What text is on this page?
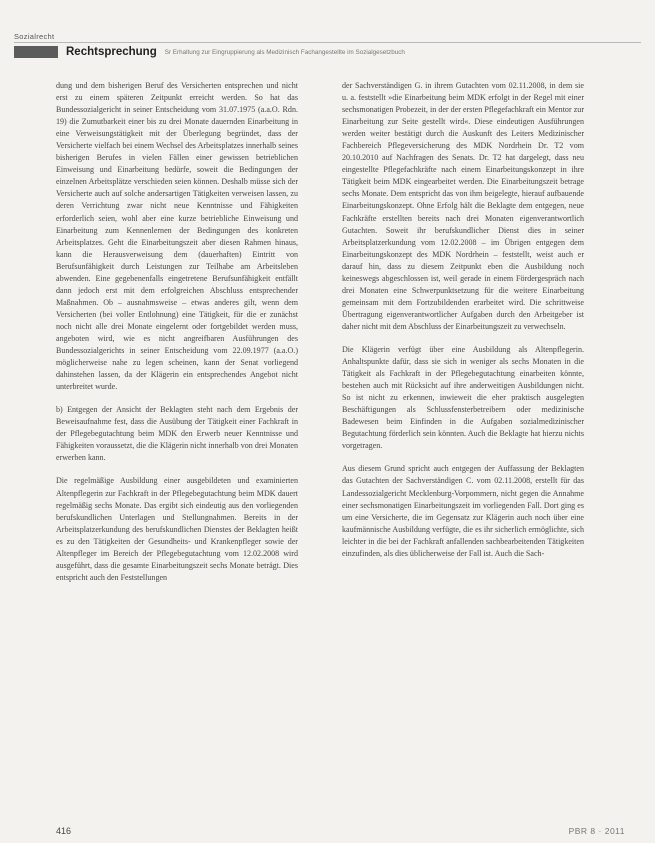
Sozialrecht
Rechtsprechung Sr Erhaltung zur Eingruppierung als Medizinisch Fachangestellte im Sozialgesetzbuch

dung und dem bisherigen Beruf des Versicherten entsprechen und nicht erst zu einem späteren Zeitpunkt erreicht werden. So hat das Bundessozialgericht in seiner Entscheidung vom 31.07.1975 (a.a.O. Rdn. 19) die Zumutbarkeit einer bis zu drei Monate dauernden Einarbeitung in eine Verweisungstätigkeit mit der Überlegung begründet, dass der Versicherte vielfach bei einem Wechsel des Arbeitsplatzes innerhalb seines bisherigen Berufes in vielen Fällen einer gewissen betrieblichen Einweisung und Einarbeitung bedürfe, soweit die Bedingungen der einzelnen Arbeitsplätze verschieden seien können. Deshalb müsse sich der Versicherte auch auf solche andersartigen Tätigkeiten verweisen lassen, zu deren Verrichtung zwar nicht neue Kenntnisse und Fähigkeiten erforderlich seien, wohl aber eine kurze betriebliche Einweisung und Einarbeitung zum Kennenlernen der Bedingungen des konkreten Arbeitsplatzes. Geht die Einarbeitungszeit aber diesen Rahmen hinaus, kann die Herausverweisung dem (dauerhaften) Eintritt von Berufsunfähigkeit durch Leistungen zur Teilhabe am Arbeitsleben abwenden. Eine gegebenenfalls eingetretene Berufsunfähigkeit entfällt dann jedoch erst mit dem erfolgreichen Abschluss entsprechender Maßnahmen. Ob – ausnahmsweise – etwas anderes gilt, wenn dem Versicherten (bei voller Entlohnung) eine Tätigkeit, für die er zunächst noch nicht alle drei Monate eingelernt oder fortgebildet werden muss, angeboten wird, wie es nicht angreifbaren Ausführungen des Bundessozialgerichts in seiner Entscheidung vom 22.09.1977 (a.a.O.) möglicherweise nahe zu legen scheinen, kann der Senat vorliegend dahinstehen lassen, da der Klägerin ein entsprechendes Angebot nicht unterbreitet wurde.

b) Entgegen der Ansicht der Beklagten steht nach dem Ergebnis der Beweisaufnahme fest, dass die Ausübung der Tätigkeit einer Fachkraft in der Pflegebegutachtung beim MDK den Erwerb neuer Kenntnisse und Fähigkeiten voraussetzt, die die Klägerin nicht innerhalb von drei Monaten erwerben kann.

Die regelmäßige Ausbildung einer ausgebildeten und examinierten Altenpflegerin zur Fachkraft in der Pflegebegutachtung beim MDK dauert regelmäßig sechs Monate. Das ergibt sich eindeutig aus den vorliegenden berufskundlichen Unterlagen und Stellungnahmen. Bereits in der Arbeitsplatzerkundung des berufskundlichen Dienstes der Beklagten heißt es zu den Tätigkeiten der Gesundheits- und Krankenpfleger sowie der Altenpfleger im Bereich der Pflegebegutachtung vom 12.02.2008 wird ausgeführt, dass die gesamte Einarbeitungszeit sechs Monate beträgt. Dies entspricht auch den Feststellungen

der Sachverständigen G. in ihrem Gutachten vom 02.11.2008, in dem sie u. a. feststellt »die Einarbeitung beim MDK erfolgt in der Regel mit einer sechsmonatigen Probezeit, in der der ersten Pflegefachkraft ein Mentor zur Einarbeitung zur Seite gestellt wird«. Diese eindeutigen Ausführungen werden weiter bestätigt durch die Auskunft des Leiters Medizinischer Fachbereich Pflegeversicherung des MDK Nordrhein Dr. T2 vom 20.10.2010 auf Nachfragen des Senats. Dr. T2 hat dargelegt, dass neu eingestellte Pflegefachkräfte nach einem Einarbeitungskonzept in ihre Tätigkeit beim MDK eingearbeitet werden. Die Einarbeitungszeit betrage sechs Monate. Dem entspricht das von ihm beigelegte, hierauf aufbauende Einarbeitungskonzept. Ohne Erfolg hält die Beklagte dem entgegen, neue Fachkräfte erstellten bereits nach drei Monaten eigenverantwortlich Gutachten. Soweit ihr berufskundlicher Dienst dies in seiner Arbeitsplatzerkundung vom 12.02.2008 – im Übrigen entgegen dem Einarbeitungskonzept des MDK Nordrhein – feststellt, weist auch er darauf hin, dass zu diesem Zeitpunkt eben die Ausbildung noch keineswegs abgeschlossen ist, weil gerade in einem Fördergespräch nach drei Monaten eine Schwerpunktsetzung für die weitere Einarbeitung gemeinsam mit dem Fortzubildenden erarbeitet wird. Die schrittweise Übertragung eigenverantwortlicher Aufgaben durch den Arbeitgeber ist daher nicht mit dem Abschluss der Einarbeitungszeit zu verwechseln.

Die Klägerin verfügt über eine Ausbildung als Altenpflegerin. Anhaltspunkte dafür, dass sie sich in weniger als sechs Monaten in die Tätigkeit als Fachkraft in der Pflegebegutachtung einarbeiten könnte, bestehen auch mit Rücksicht auf ihre anderweitigen Ausbildungen nicht. So ist nicht zu erkennen, inwieweit die eher praktisch ausgelegten Beschäftigungen als Schlussfensterbetreibern oder medizinische Badewesen beim Einfinden in die Aufgaben sozialmedizinischer Begutachtung förderlich sein könnten. Auch die Beklagte hat hierzu nichts vorgetragen.

Aus diesem Grund spricht auch entgegen der Auffassung der Beklagten das Gutachten der Sachverständigen C. vom 02.11.2008, erstellt für das Landessozialgericht Mecklenburg-Vorpommern, nicht gegen die Annahme einer sechsmonatigen Einarbeitungszeit im vorliegenden Fall. Dort ging es um eine Versicherte, die im Gegensatz zur Klägerin auch noch über eine kaufmännische Ausbildung verfügte, die es ihr sicherlich ermöglichte, sich leichter in die bei der Fachkraft anfallenden sachbearbeitenden Tätigkeiten einzufinden, als dies üblicherweise der Fall ist. Auch die Sach-

416	PBR 8 · 2011
